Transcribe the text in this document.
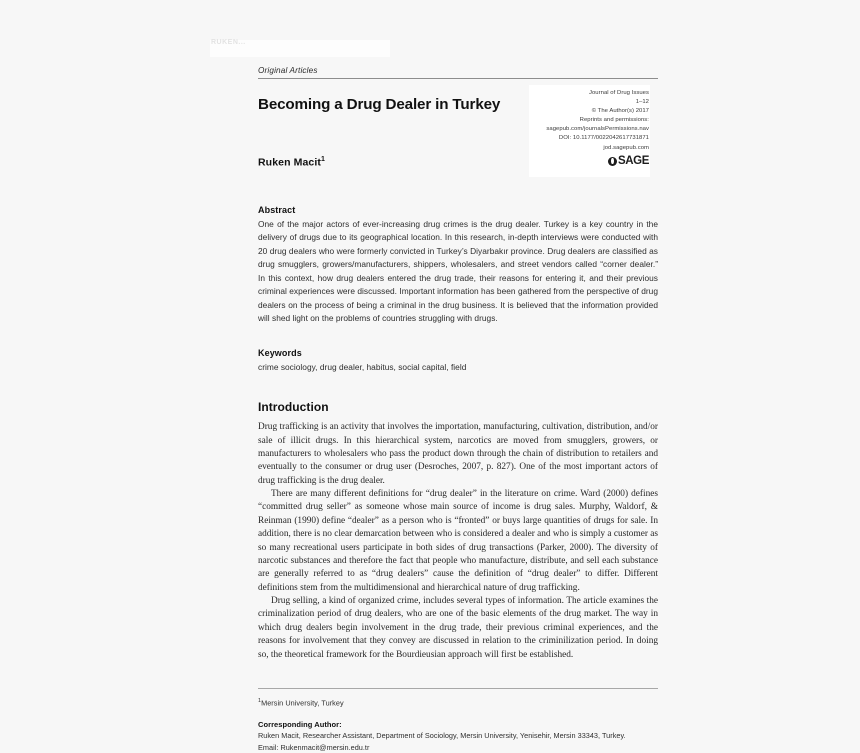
RUKEN...
Journal of Drug Issues
1–12
© The Author(s) 2017
Reprints and permissions:
sagepub.com/journalsPermissions.nav
DOI: 10.1177/0022042617731871
jod.sagepub.com
SAGE
Original Articles
Becoming a Drug Dealer in Turkey
Ruken Macit$^1$
Abstract
One of the major actors of ever-increasing drug crimes is the drug dealer. Turkey is a key country in the delivery of drugs due to its geographical location. In this research, in-depth interviews were conducted with 20 drug dealers who were formerly convicted in Turkey’s Diyarbakır province. Drug dealers are classified as drug smugglers, growers/manufacturers, shippers, wholesalers, and street vendors called “corner dealer.” In this context, how drug dealers entered the drug trade, their reasons for entering it, and their previous criminal experiences were discussed. Important information has been gathered from the perspective of drug dealers on the process of being a criminal in the drug business. It is believed that the information provided will shed light on the problems of countries struggling with drugs.
Keywords
crime sociology, drug dealer, habitus, social capital, field
Introduction

Drug trafficking is an activity that involves the importation, manufacturing, cultivation, distribution, and/or sale of illicit drugs. In this hierarchical system, narcotics are moved from smugglers, growers, or manufacturers to wholesalers who pass the product down through the chain of distribution to retailers and eventually to the consumer or drug user (Desroches, 2007, p. 827). One of the most important actors of drug trafficking is the drug dealer.

There are many different definitions for “drug dealer” in the literature on crime. Ward (2000) defines “committed drug seller” as someone whose main source of income is drug sales. Murphy, Waldorf, & Reinman (1990) define “dealer” as a person who is “fronted” or buys large quantities of drugs for sale. In addition, there is no clear demarcation between who is considered a dealer and who is simply a customer as so many recreational users participate in both sides of drug transactions (Parker, 2000). The diversity of narcotic substances and therefore the fact that people who manufacture, distribute, and sell each substance are generally referred to as “drug dealers” cause the definition of “drug dealer” to differ. Different definitions stem from the multidimensional and hierarchical nature of drug trafficking.

Drug selling, a kind of organized crime, includes several types of information. The article examines the criminalization period of drug dealers, who are one of the basic elements of the drug market. The way in which drug dealers begin involvement in the drug trade, their previous criminal experiences, and the reasons for involvement that they convey are discussed in relation to the criminilization period. In doing so, the theoretical framework for the Bourdieusian approach will first be established.

$^1$Mersin University, Turkey
Corresponding Author:
Ruken Macit, Researcher Assistant, Department of Sociology, Mersin University, Yenisehir, Mersin 33343, Turkey.
Email: Rukenmacit@mersin.edu.tr
